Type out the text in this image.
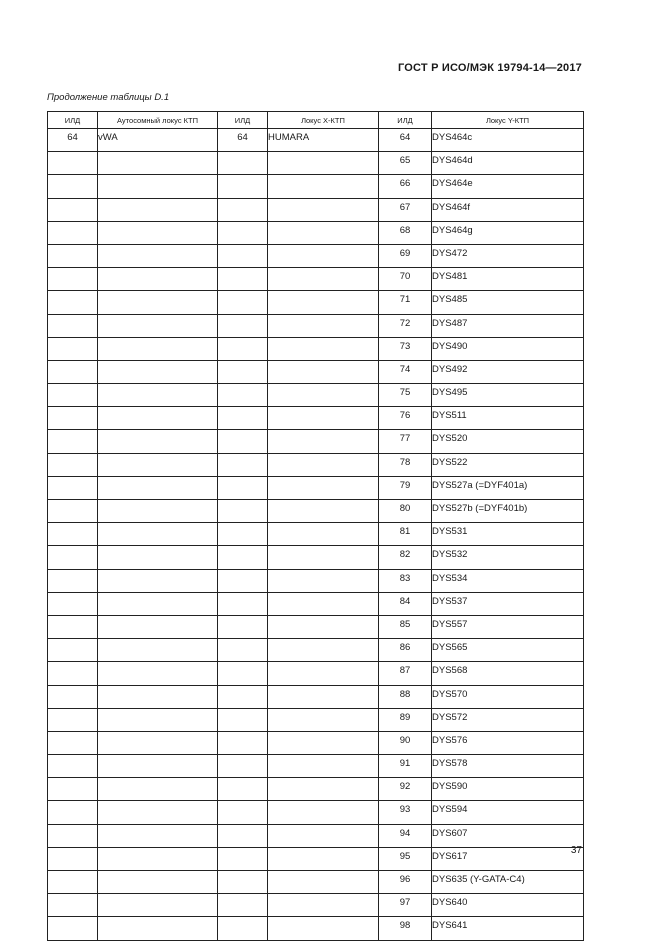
ГОСТ Р ИСО/МЭК 19794-14—2017
Продолжение таблицы D.1
ИЛД	Аутосомный локус КТП	ИЛД	Локус X-КТП	ИЛД	Локус Y-КТП
64	vWA	64	HUMARA	64	DYS464c
				65	DYS464d
				66	DYS464e
				67	DYS464f
				68	DYS464g
				69	DYS472
				70	DYS481
				71	DYS485
				72	DYS487
				73	DYS490
				74	DYS492
				75	DYS495
				76	DYS511
				77	DYS520
				78	DYS522
				79	DYS527a (=DYF401a)
				80	DYS527b (=DYF401b)
				81	DYS531
				82	DYS532
				83	DYS534
				84	DYS537
				85	DYS557
				86	DYS565
				87	DYS568
				88	DYS570
				89	DYS572
				90	DYS576
				91	DYS578
				92	DYS590
				93	DYS594
				94	DYS607
				95	DYS617
				96	DYS635 (Y-GATA-C4)
				97	DYS640
				98	DYS641
37
